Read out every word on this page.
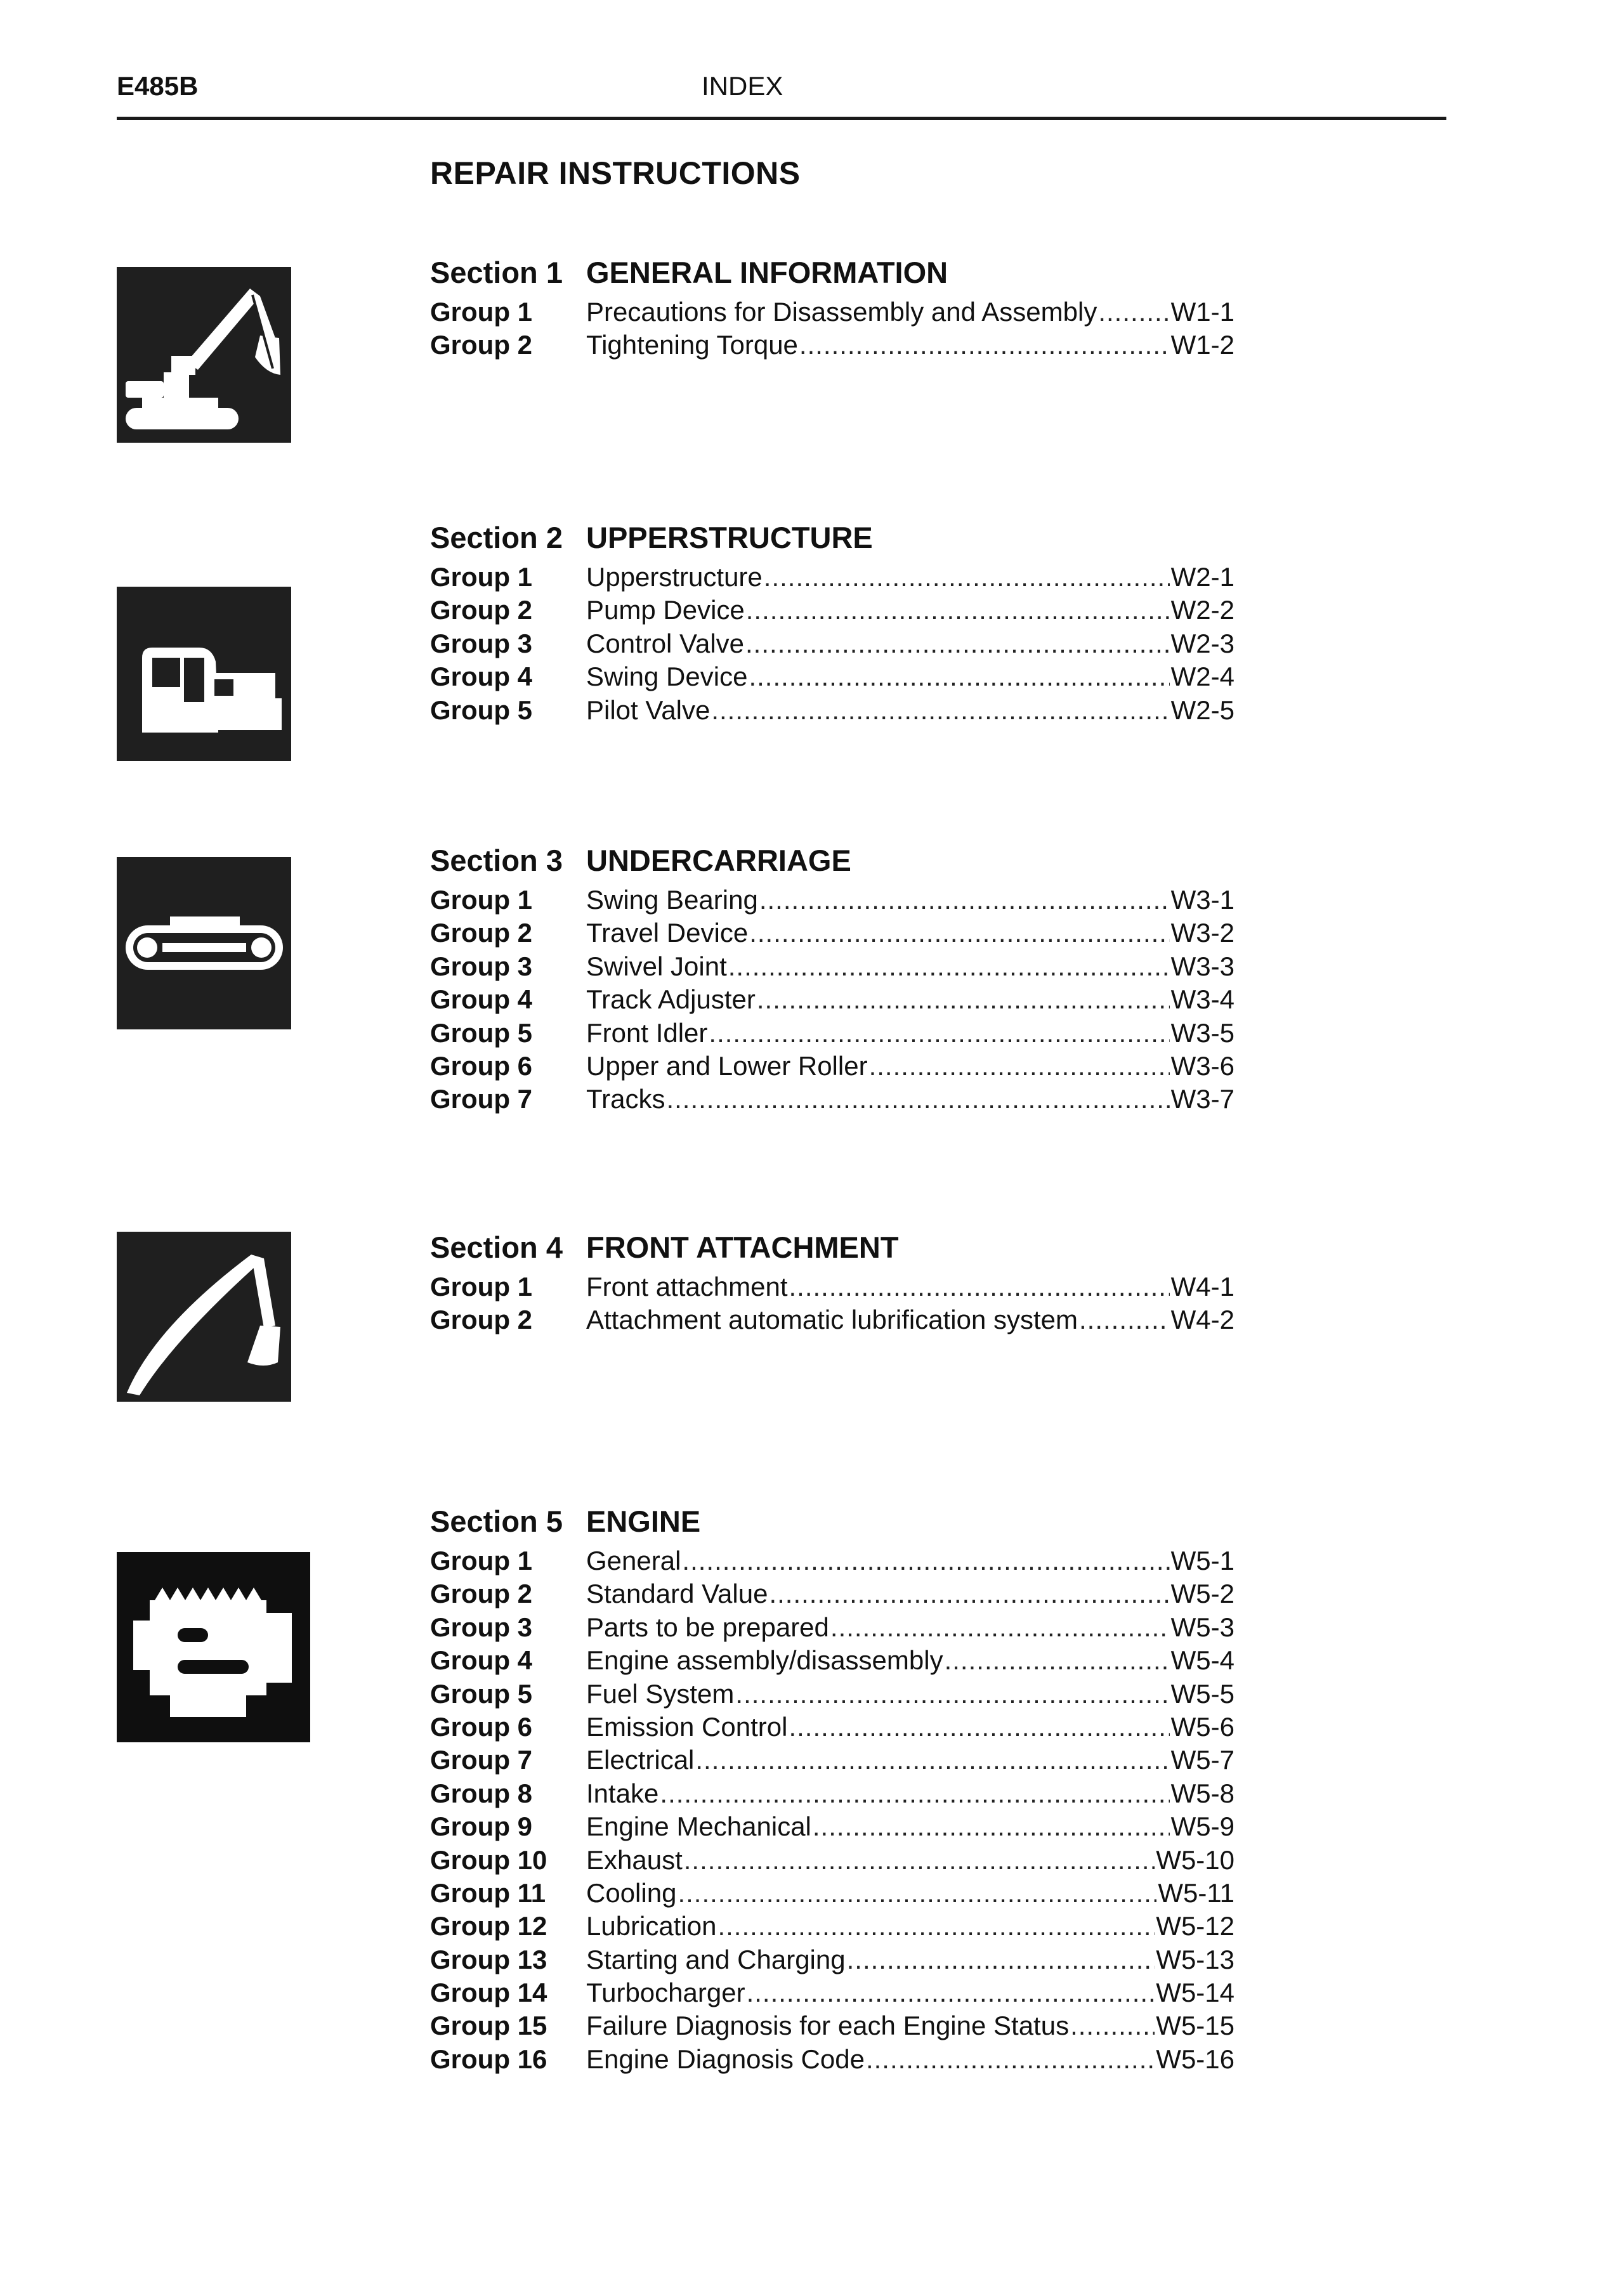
E485B	INDEX
REPAIR INSTRUCTIONS
Section 1 GENERAL INFORMATION
Group 1 Precautions for Disassembly and Assembly .....	W1-1
Group 2 Tightening Torque .....	W1-2
Section 2 UPPERSTRUCTURE
Group 1 Upperstructure .....	W2-1
Group 2 Pump Device .....	W2-2
Group 3 Control Valve .....	W2-3
Group 4 Swing Device .....	W2-4
Group 5 Pilot Valve .....	W2-5
Section 3 UNDERCARRIAGE
Group 1 Swing Bearing .....	W3-1
Group 2 Travel Device .....	W3-2
Group 3 Swivel Joint .....	W3-3
Group 4 Track Adjuster .....	W3-4
Group 5 Front Idler .....	W3-5
Group 6 Upper and Lower Roller .....	W3-6
Group 7 Tracks .....	W3-7
Section 4 FRONT ATTACHMENT
Group 1 Front attachment .....	W4-1
Group 2 Attachment automatic lubrification system .....	W4-2
Section 5 ENGINE
Group 1 General .....	W5-1
Group 2 Standard Value .....	W5-2
Group 3 Parts to be prepared .....	W5-3
Group 4 Engine assembly/disassembly .....	W5-4
Group 5 Fuel System .....	W5-5
Group 6 Emission Control .....	W5-6
Group 7 Electrical .....	W5-7
Group 8 Intake .....	W5-8
Group 9 Engine Mechanical .....	W5-9
Group 10 Exhaust .....	W5-10
Group 11 Cooling .....	W5-11
Group 12 Lubrication .....	W5-12
Group 13 Starting and Charging .....	W5-13
Group 14 Turbocharger .....	W5-14
Group 15 Failure Diagnosis for each Engine Status .....	W5-15
Group 16 Engine Diagnosis Code .....	W5-16
